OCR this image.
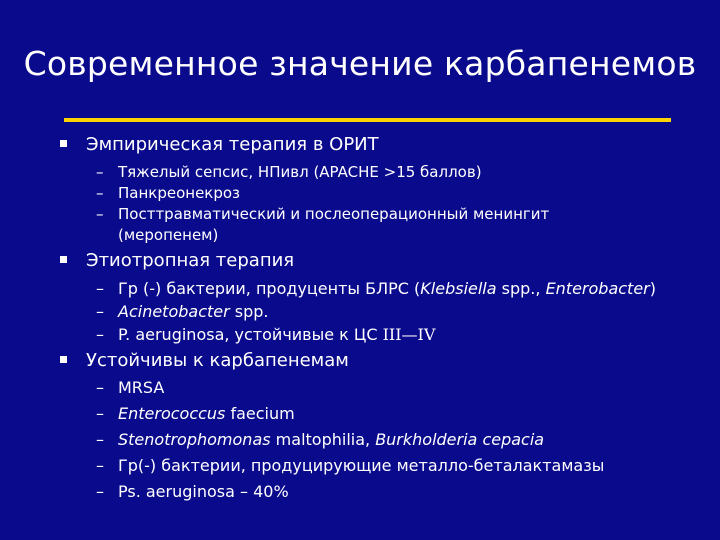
Современное значение карбапенемов
Эмпирическая терапия в ОРИТ
– Тяжелый сепсис, НПивл (APACHE >15 баллов)
– Панкреонекроз
– Посттравматический и послеоперационный менингит
(меропенем)
Этиотропная терапия
– Гр (-) бактерии, продуценты БЛРС (Klebsiella spp., Enterobacter)
– Acinetobacter spp.
– P. aeruginosa, устойчивые к ЦС III—IV
Устойчивы к карбапенемам
– MRSA
– Enterococcus faecium
– Stenotrophomonas maltophilia, Burkholderia cepacia
– Гр(-) бактерии, продуцирующие металло-беталактамазы
– Ps. aeruginosa – 40%
